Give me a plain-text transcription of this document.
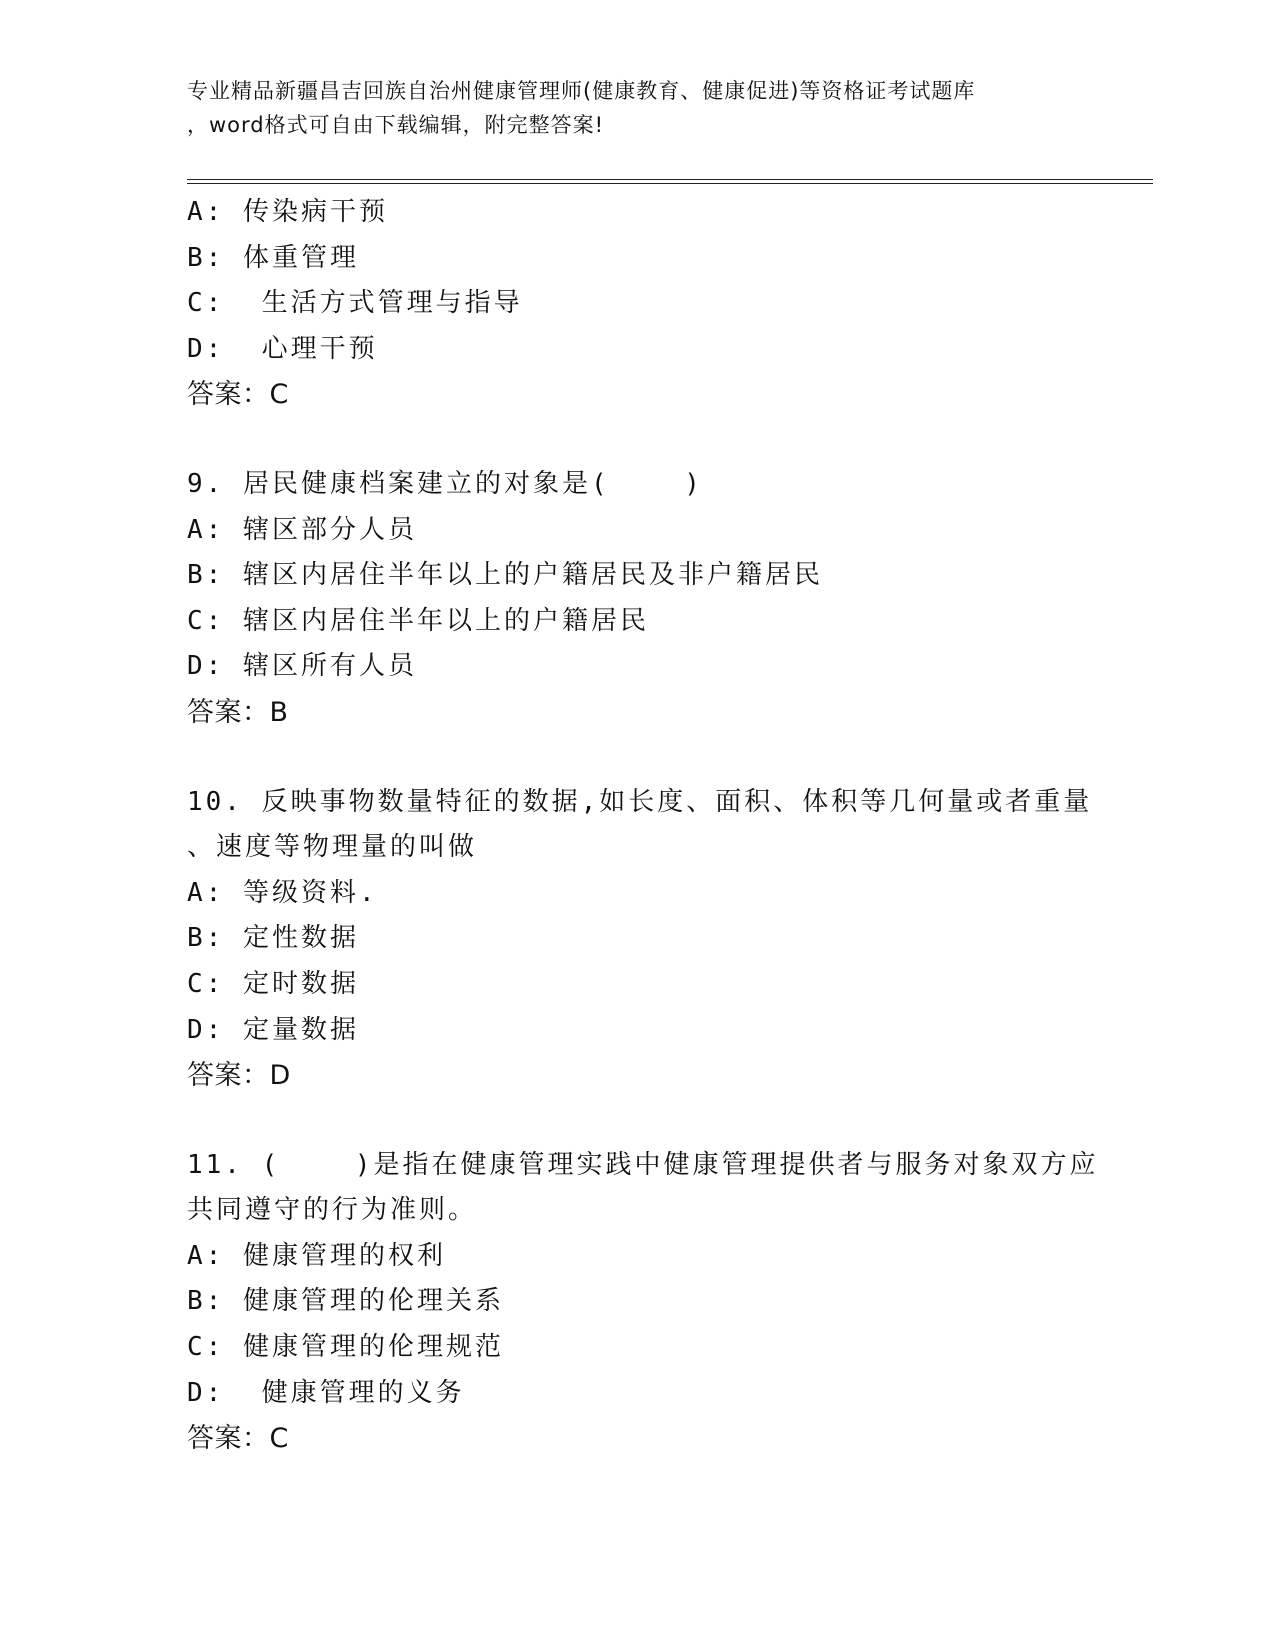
专业精品新疆昌吉回族自治州健康管理师(健康教育、健康促进)等资格证考试题库
，word格式可自由下载编辑，附完整答案!
A: 传染病干预
B: 体重管理
C:  生活方式管理与指导
D:  心理干预
答案：C
9. 居民健康档案建立的对象是(    )
A: 辖区部分人员
B: 辖区内居住半年以上的户籍居民及非户籍居民
C: 辖区内居住半年以上的户籍居民
D: 辖区所有人员
答案：B
10. 反映事物数量特征的数据,如长度、面积、体积等几何量或者重量
、速度等物理量的叫做
A: 等级资料.
B: 定性数据
C: 定时数据
D: 定量数据
答案：D
11. (    )是指在健康管理实践中健康管理提供者与服务对象双方应
共同遵守的行为准则。
A: 健康管理的权利
B: 健康管理的伦理关系
C: 健康管理的伦理规范
D:  健康管理的义务
答案：C
